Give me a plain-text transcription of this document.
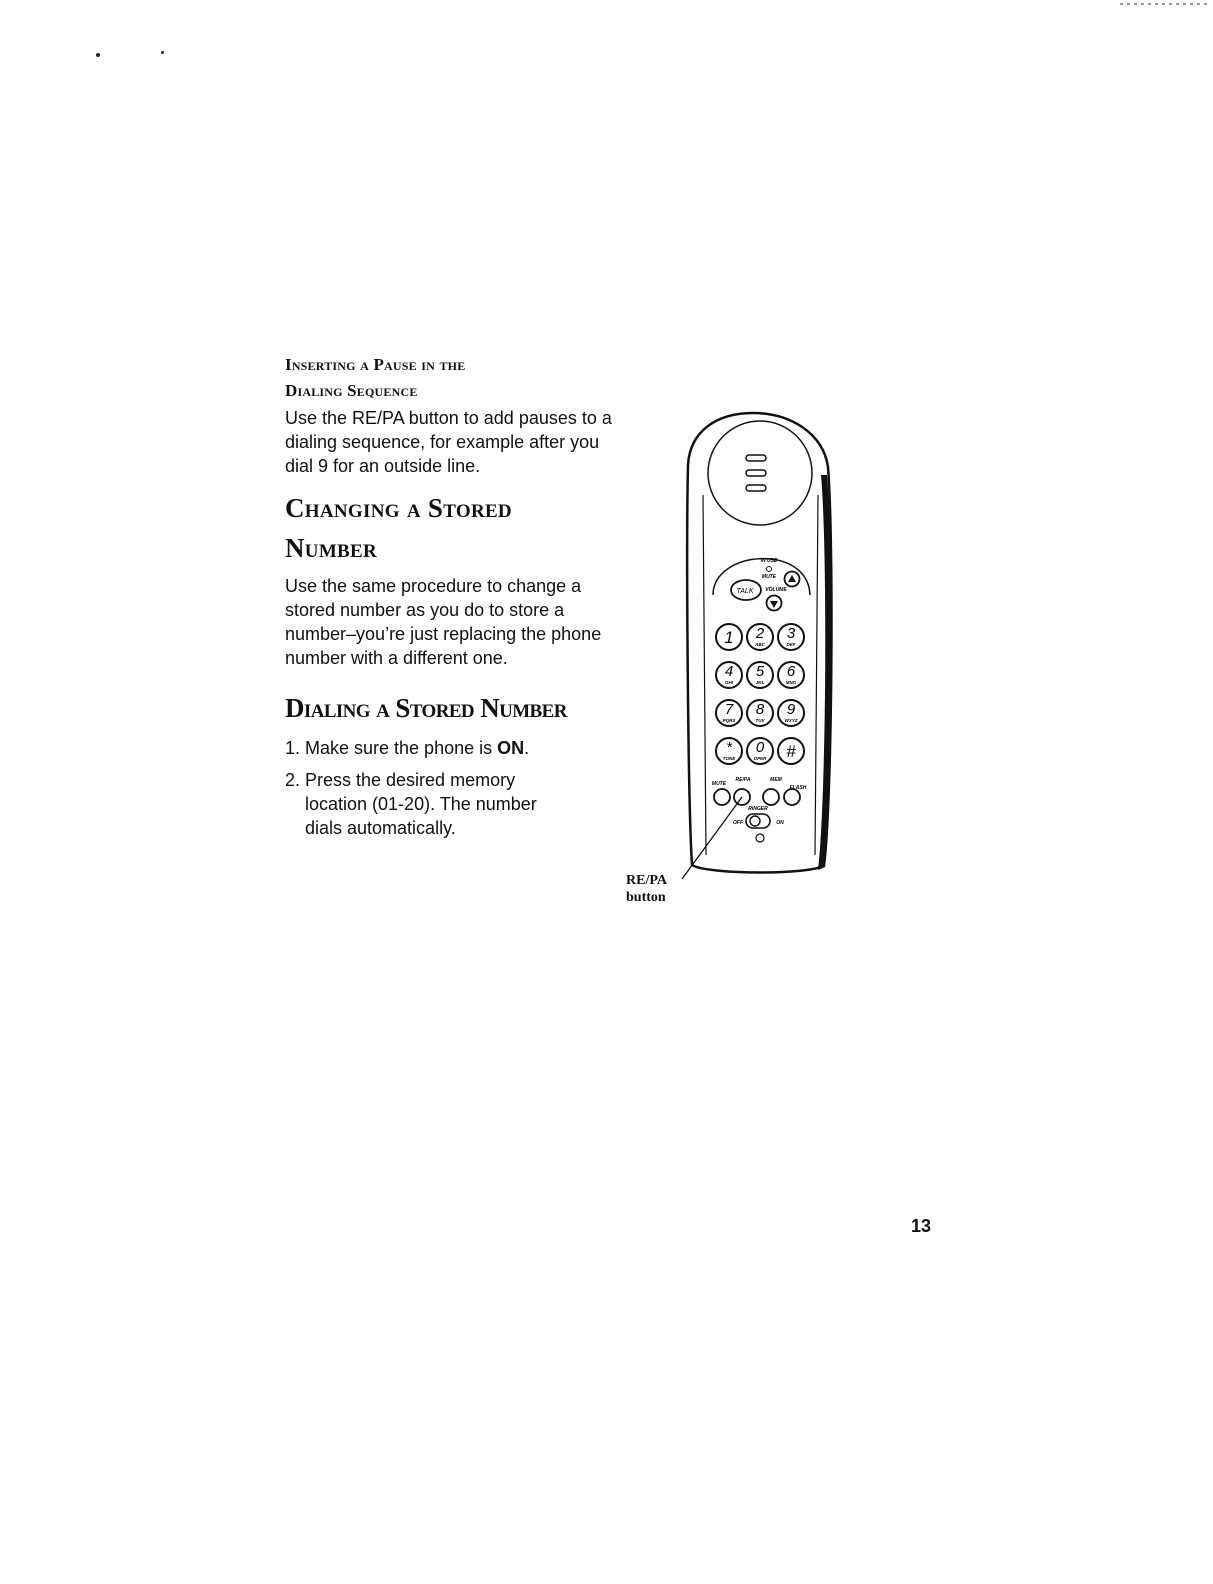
Inserting a Pause in the

Dialing Sequence

Use the RE/PA button to add pauses to a dialing sequence, for example after you dial 9 for an outside line.

Changing a Stored

Number

Use the same procedure to change a stored number as you do to store a number–you’re just replacing the phone number with a different one.

Dialing a Stored Number

1. Make sure the phone is ON.
2. Press the desired memory location (01-20). The number dials automatically.
IN USE
MUTE
TALK VOLUME
1 2
ABC
3
DEF
4
GHI
5
JKL
6
MNO
7
PQRS
8
TUV
9
WXYZ
*
TONE
0
OPER #
MUTE
RE/PA	MEM
FLASH
RINGER
OFF	ON

RE/PA
button

13
